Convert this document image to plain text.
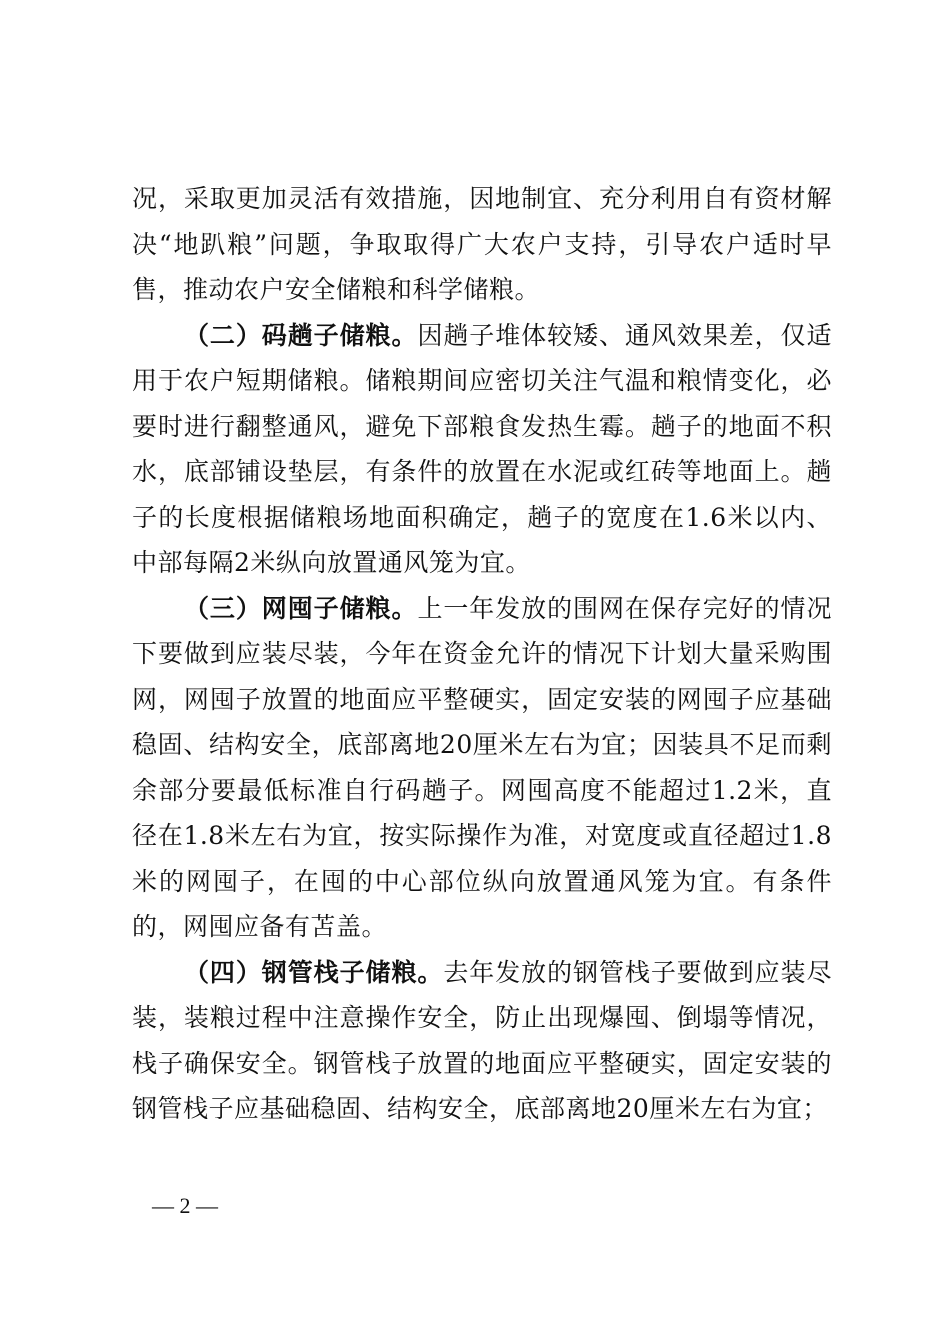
况，采取更加灵活有效措施，因地制宜、充分利用自有资材解决“地趴粮”问题，争取取得广大农户支持，引导农户适时早售，推动农户安全储粮和科学储粮。

（二）码趟子储粮。因趟子堆体较矮、通风效果差，仅适用于农户短期储粮。储粮期间应密切关注气温和粮情变化，必要时进行翻整通风，避免下部粮食发热生霉。趟子的地面不积水，底部铺设垫层，有条件的放置在水泥或红砖等地面上。趟子的长度根据储粮场地面积确定，趟子的宽度在1.6米以内、中部每隔2米纵向放置通风笼为宜。

（三）网囤子储粮。上一年发放的围网在保存完好的情况下要做到应装尽装，今年在资金允许的情况下计划大量采购围网，网囤子放置的地面应平整硬实，固定安装的网囤子应基础稳固、结构安全，底部离地20厘米左右为宜；因装具不足而剩余部分要最低标准自行码趟子。网囤高度不能超过1.2米，直径在1.8米左右为宜，按实际操作为准，对宽度或直径超过1.8米的网囤子，在囤的中心部位纵向放置通风笼为宜。有条件的，网囤应备有苫盖。

（四）钢管栈子储粮。去年发放的钢管栈子要做到应装尽装，装粮过程中注意操作安全，防止出现爆囤、倒塌等情况，栈子确保安全。钢管栈子放置的地面应平整硬实，固定安装的钢管栈子应基础稳固、结构安全，底部离地20厘米左右为宜；

— 2 —
